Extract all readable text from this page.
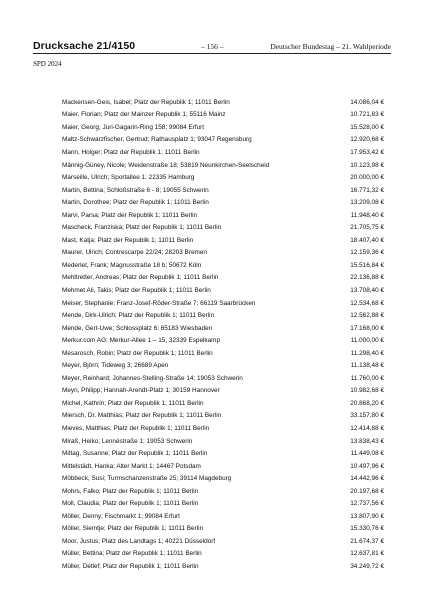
Drucksache 21/4150	– 156 –	Deutscher Bundestag – 21. Wahlperiode
SPD 2024
Mackensen-Geis, Isabel; Platz der Republik 1; 11011 Berlin	14.086,04 €
Maier, Florian; Platz der Mainzer Republik 1; 55116 Mainz	10.721,83 €
Maier, Georg; Juri-Gagarin-Ring 158; 99084 Erfurt	15.528,00 €
Maltz-Schwarzfischer, Gertrud; Rathausplatz 1; 93047 Regensburg	12.920,68 €
Mann, Holger; Platz der Republik 1; 11011 Berlin	17.953,42 €
Männig-Güney, Nicole; Weidenstraße 18; 53819 Neunkirchen-Seelscheid	10.123,98 €
Marseille, Ulrich; Sportallee 1; 22335 Hamburg	20.000,00 €
Martin, Bettina; Schloßstraße 6 - 8; 19055 Schwerin	16.771,32 €
Martin, Dorothee; Platz der Republik 1; 11011 Berlin	13.209,08 €
Marvi, Parsa; Platz der Republik 1; 11011 Berlin	11.948,40 €
Mascheck, Franziska; Platz der Republik 1; 11011 Berlin	21.705,75 €
Mast, Katja; Platz der Republik 1; 11011 Berlin	18.407,40 €
Maurer, Ulrich; Contrescarpe 22/24; 28203 Bremen	12.159,36 €
Mederlet, Frank; Magnusstraße 18 b; 50672 Köln	15.516,84 €
Mehltretter, Andreas; Platz der Republik 1; 11011 Berlin	22.136,88 €
Mehmet Ali, Takis; Platz der Republik 1; 11011 Berlin	13.708,40 €
Meiser, Stephanie; Franz-Josef-Röder-Straße 7; 66119 Saarbrücken	12.534,68 €
Mende, Dirk-Ulrich; Platz der Republik 1; 11011 Berlin	12.562,88 €
Mende, Gert-Uwe; Schlossplatz 6; 65183 Wiesbaden	17.168,00 €
Merkur.com AG; Merkur-Allee 1 – 15; 32339 Espelkamp	11.000,00 €
Mesarosch, Robin; Platz der Republik 1; 11011 Berlin	11.298,40 €
Meyer, Björn; Tideweg 3; 26689 Apen	11.138,48 €
Meyer, Reinhard; Johannes-Stelling-Straße 14; 19053 Schwerin	11.760,00 €
Meyn, Philipp; Hannah-Arendt-Platz 1; 30159 Hannover	10.982,68 €
Michel, Kathrin; Platz der Republik 1; 11011 Berlin	20.868,20 €
Miersch, Dr. Matthias; Platz der Republik 1; 11011 Berlin	33.157,80 €
Mieves, Matthias; Platz der Republik 1; 11011 Berlin	12.414,88 €
Miraß, Heiko; Lennéstraße 1; 19053 Schwerin	13.838,43 €
Mittag, Susanne; Platz der Republik 1; 11011 Berlin	11.449,08 €
Mittelstädt, Hanka; Alter Markt 1; 14467 Potsdam	10.497,96 €
Möbbeck, Susi; Turmschanzenstraße 25; 39114 Magdeburg	14.442,96 €
Mohrs, Falko; Platz der Republik 1; 11011 Berlin	20.197,68 €
Moll, Claudia; Platz der Republik 1; 11011 Berlin	12.737,56 €
Möller, Denny; Fischmarkt 1; 99084 Erfurt	13.807,90 €
Möller, Siemtje; Platz der Republik 1; 11011 Berlin	15.330,76 €
Moor, Justus; Platz des Landtags 1; 40221 Düsseldorf	21.674,37 €
Müller, Bettina; Platz der Republik 1; 11011 Berlin	12.637,81 €
Müller, Detlef; Platz der Republik 1; 11011 Berlin	34.249,72 €
